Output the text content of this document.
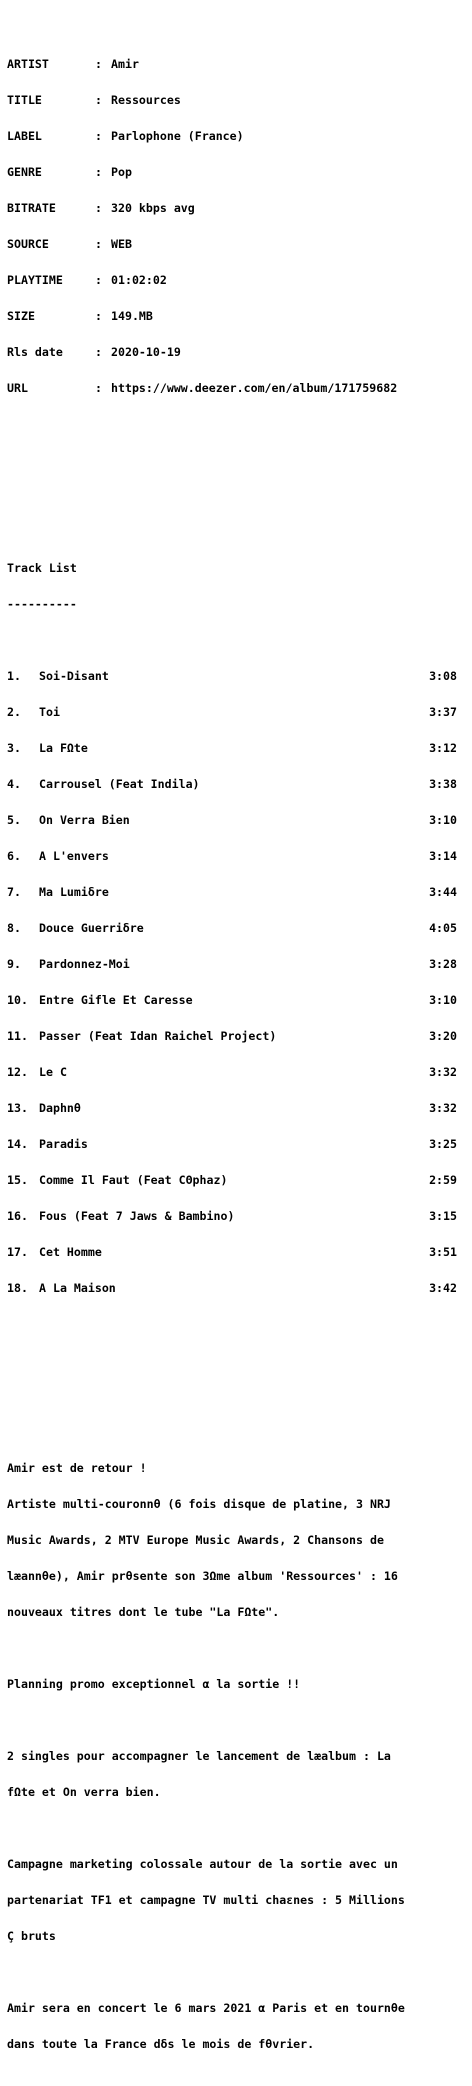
ARTIST	: Amir

TITLE	: Ressources

LABEL	: Parlophone (France)

GENRE	: Pop

BITRATE	: 320 kbps avg

SOURCE	: WEB

PLAYTIME	: 01:02:02

SIZE	: 149.MB

Rls date	: 2020-10-19

URL	: https://www.deezer.com/en/album/171759682

Track List

----------

1. Soi-Disant	3:08

2. Toi	3:37

3. La FΩte	3:12

4. Carrousel (Feat Indila)	3:38

5. On Verra Bien	3:10

6. A L'envers	3:14

7. Ma Lumiδre	3:44

8. Douce Guerriδre	4:05

9. Pardonnez-Moi	3:28

10. Entre Gifle Et Caresse	3:10

11. Passer (Feat Idan Raichel Project)	3:20

12. Le C	3:32

13. Daphnθ	3:32

14. Paradis	3:25

15. Comme Il Faut (Feat CΘphaz)	2:59

16. Fous (Feat 7 Jaws & Bambino)	3:15

17. Cet Homme	3:51

18. A La Maison	3:42

Amir est de retour !

Artiste multi-couronnθ (6 fois disque de platine, 3 NRJ

Music Awards, 2 MTV Europe Music Awards, 2 Chansons de

læannθe), Amir prθsente son 3Ωme album 'Ressources' : 16

nouveaux titres dont le tube "La FΩte".

Planning promo exceptionnel α la sortie !!

2 singles pour accompagner le lancement de læalbum : La

fΩte et On verra bien.

Campagne marketing colossale autour de la sortie avec un

partenariat TF1 et campagne TV multi chaεnes : 5 Millions

Ç bruts

Amir sera en concert le 6 mars 2021 α Paris et en tournθe

dans toute la France dδs le mois de fθvrier.
